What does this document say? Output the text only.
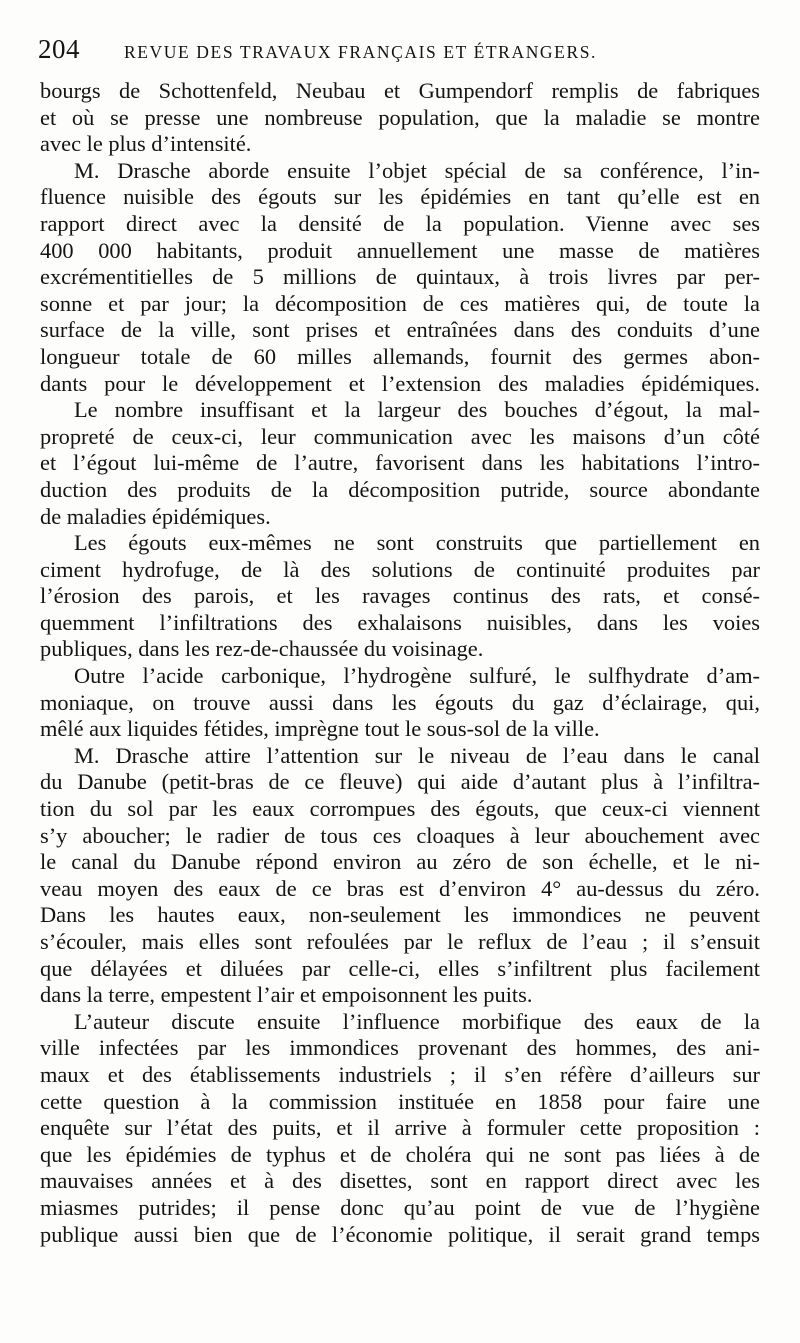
204	REVUE DES TRAVAUX FRANÇAIS ET ÉTRANGERS.
bourgs de Schottenfeld, Neubau et Gumpendorf remplis de fabriques
et où se presse une nombreuse population, que la maladie se montre
avec le plus d’intensité.
M. Drasche aborde ensuite l’objet spécial de sa conférence, l’in-
fluence nuisible des égouts sur les épidémies en tant qu’elle est en
rapport direct avec la densité de la population. Vienne avec ses
400 000 habitants, produit annuellement une masse de matières
excrémentitielles de 5 millions de quintaux, à trois livres par per-
sonne et par jour; la décomposition de ces matières qui, de toute la
surface de la ville, sont prises et entraînées dans des conduits d’une
longueur totale de 60 milles allemands, fournit des germes abon-
dants pour le développement et l’extension des maladies épidémiques.
Le nombre insuffisant et la largeur des bouches d’égout, la mal-
propreté de ceux-ci, leur communication avec les maisons d’un côté
et l’égout lui-même de l’autre, favorisent dans les habitations l’intro-
duction des produits de la décomposition putride, source abondante
de maladies épidémiques.
Les égouts eux-mêmes ne sont construits que partiellement en
ciment hydrofuge, de là des solutions de continuité produites par
l’érosion des parois, et les ravages continus des rats, et consé-
quemment l’infiltrations des exhalaisons nuisibles, dans les voies
publiques, dans les rez-de-chaussée du voisinage.
Outre l’acide carbonique, l’hydrogène sulfuré, le sulfhydrate d’am-
moniaque, on trouve aussi dans les égouts du gaz d’éclairage, qui,
mêlé aux liquides fétides, imprègne tout le sous-sol de la ville.
M. Drasche attire l’attention sur le niveau de l’eau dans le canal
du Danube (petit-bras de ce fleuve) qui aide d’autant plus à l’infiltra-
tion du sol par les eaux corrompues des égouts, que ceux-ci viennent
s’y aboucher; le radier de tous ces cloaques à leur abouchement avec
le canal du Danube répond environ au zéro de son échelle, et le ni-
veau moyen des eaux de ce bras est d’environ 4° au-dessus du zéro.
Dans les hautes eaux, non-seulement les immondices ne peuvent
s’écouler, mais elles sont refoulées par le reflux de l’eau ; il s’ensuit
que délayées et diluées par celle-ci, elles s’infiltrent plus facilement
dans la terre, empestent l’air et empoisonnent les puits.
L’auteur discute ensuite l’influence morbifique des eaux de la
ville infectées par les immondices provenant des hommes, des ani-
maux et des établissements industriels ; il s’en réfère d’ailleurs sur
cette question à la commission instituée en 1858 pour faire une
enquête sur l’état des puits, et il arrive à formuler cette proposition :
que les épidémies de typhus et de choléra qui ne sont pas liées à de
mauvaises années et à des disettes, sont en rapport direct avec les
miasmes putrides; il pense donc qu’au point de vue de l’hygiène
publique aussi bien que de l’économie politique, il serait grand temps
